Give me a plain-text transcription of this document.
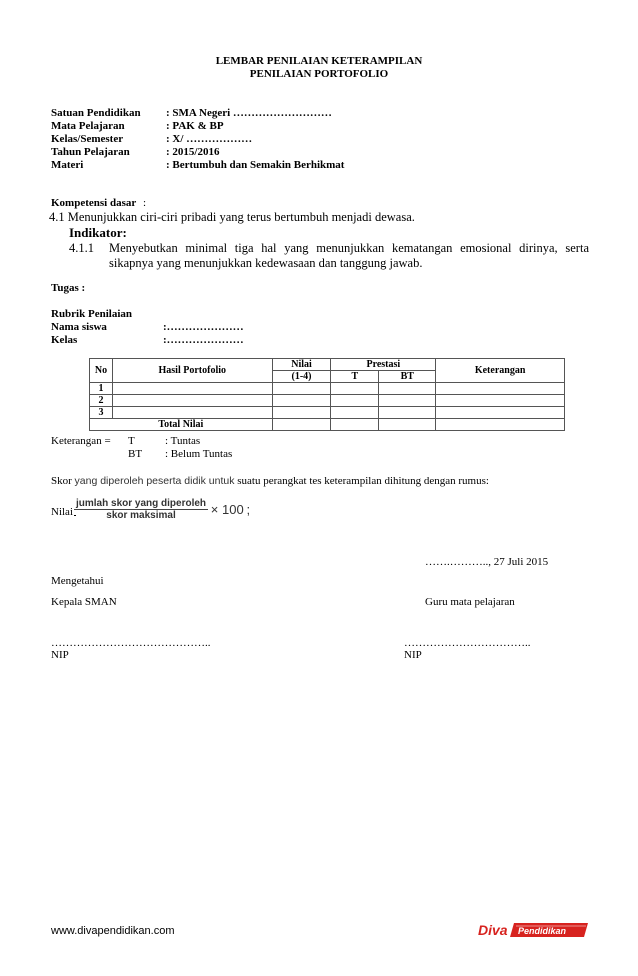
LEMBAR PENILAIAN KETERAMPILAN
PENILAIAN PORTOFOLIO
Satuan Pendidikan : SMA Negeri ………………………
Mata Pelajaran	: PAK & BP
Kelas/Semester	: X/ ………………
Tahun Pelajaran	: 2015/2016
Materi	: Bertumbuh dan Semakin Berhikmat
Kompetensi dasar :
4.1 Menunjukkan ciri-ciri pribadi yang terus bertumbuh menjadi dewasa.
Indikator:
4.1.1 Menyebutkan minimal tiga hal yang menunjukkan kematangan emosional dirinya, serta
sikapnya yang menunjukkan kedewasaan dan tanggung jawab.
Tugas :
Rubrik Penilaian
Nama siswa	:…………………
Kelas	:…………………
No	Hasil Portofolio	Nilai	Prestasi		Keterangan
		(1-4)	T	BT	
1					
2					
3					
Total Nilai					
Keterangan = T	: Tuntas
BT : Belum Tuntas
Skor yang diperoleh peserta didik untuk suatu perangkat tes keterampilan dihitung dengan rumus:
Nilai $\frac{\text{jumlah skor yang diperoleh}}{\text{skor maksimal}} \times 100$ ;
…….……….., 27 Juli 2015
Mengetahui
Kepala SMAN	Guru mata pelajaran
……………………………………..	……………………………..
NIP	NIP
www.divapendidikan.com	Diva Pendidikan
